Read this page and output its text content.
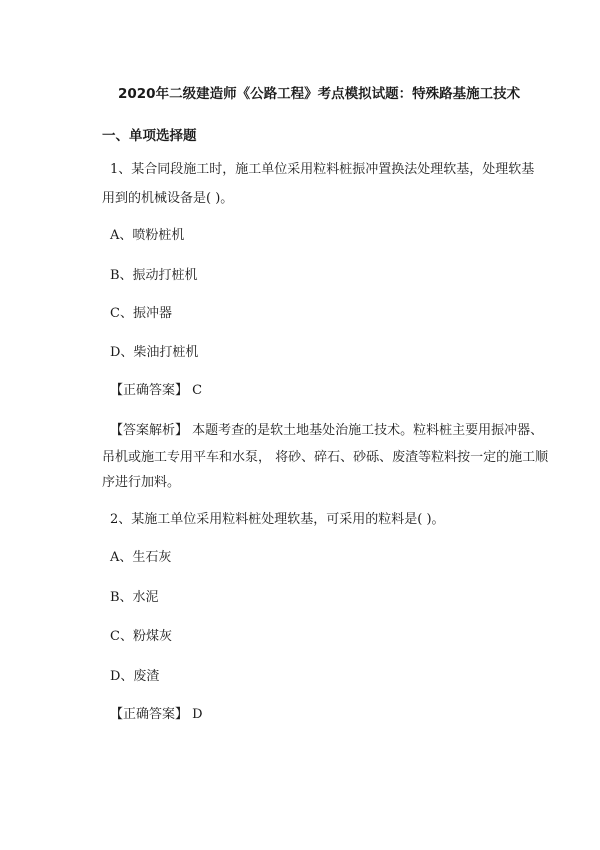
2020年二级建造师《公路工程》考点模拟试题：特殊路基施工技术
一、单项选择题
1、某合同段施工时，施工单位采用粒料桩振冲置换法处理软基，处理软基
用到的机械设备是( )。
A、喷粉桩机
B、振动打桩机
C、振冲器
D、柴油打桩机
【正确答案】 C
【答案解析】 本题考查的是软土地基处治施工技术。粒料桩主要用振冲器、
吊机或施工专用平车和水泵， 将砂、碎石、砂砾、废渣等粒料按一定的施工顺
序进行加料。
2、某施工单位采用粒料桩处理软基，可采用的粒料是( )。
A、生石灰
B、水泥
C、粉煤灰
D、废渣
【正确答案】 D
